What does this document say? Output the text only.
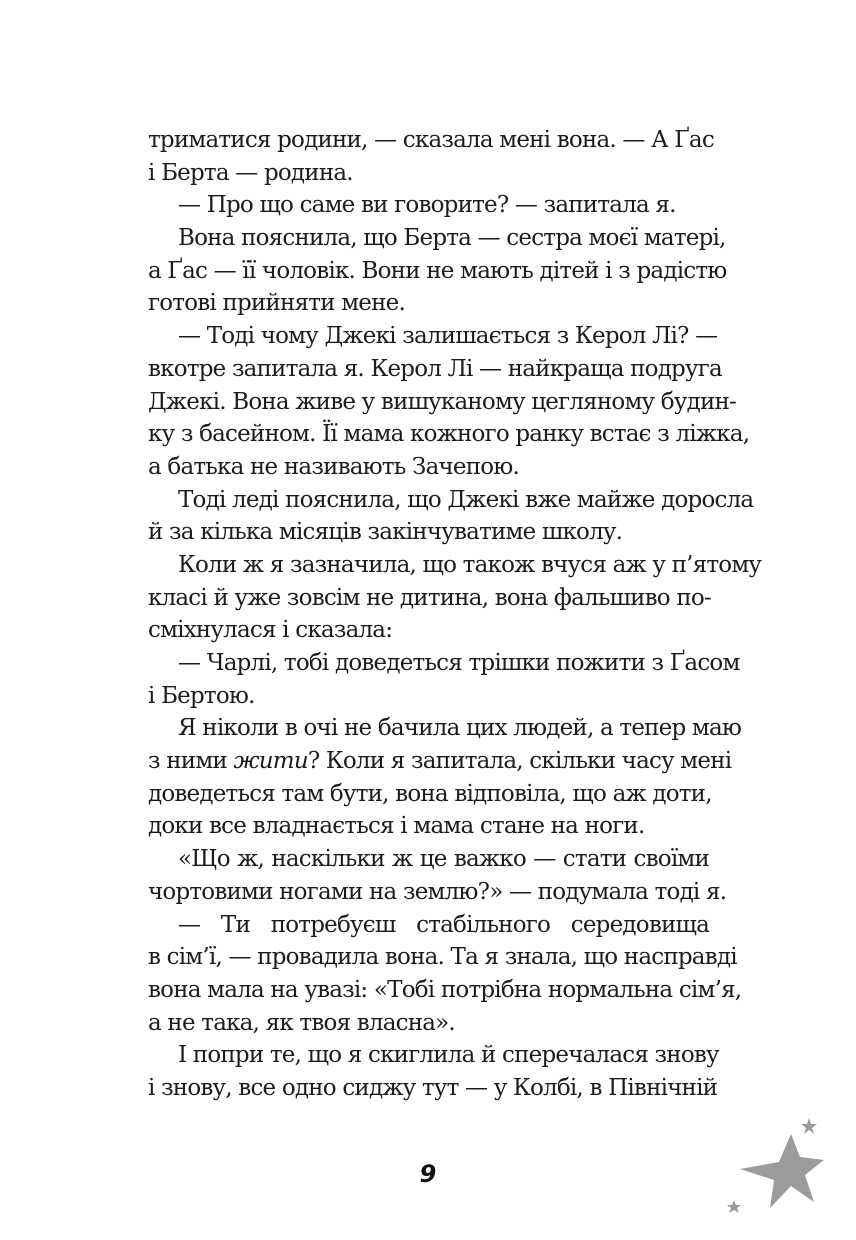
триматися родини, — сказала мені вона. — А Ґас
і Берта — родина.
— Про що саме ви говорите? — запитала я.
Вона пояснила, що Берта — сестра моєї матері,
а Ґас — її чоловік. Вони не мають дітей і з радістю
готові прийняти мене.
— Тоді чому Джекі залишається з Керол Лі? —
вкотре запитала я. Керол Лі — найкраща подруга
Джекі. Вона живе у вишуканому цегляному будин-
ку з басейном. Її мама кожного ранку встає з ліжка,
а батька не називають Зачепою.
Тоді леді пояснила, що Джекі вже майже доросла
й за кілька місяців закінчуватиме школу.
Коли ж я зазначила, що також вчуся аж у п’ятому
класі й уже зовсім не дитина, вона фальшиво по-
сміхнулася і сказала:
— Чарлі, тобі доведеться трішки пожити з Ґасом
і Бертою.
Я ніколи в очі не бачила цих людей, а тепер маю
з ними жити? Коли я запитала, скільки часу мені
доведеться там бути, вона відповіла, що аж доти,
доки все владнається і мама стане на ноги.
«Що ж, наскільки ж це важко — стати своїми
чортовими ногами на землю?» — подумала тоді я.
— Ти потребуєш стабільного середовища
в сім’ї, — провадила вона. Та я знала, що насправді
вона мала на увазі: «Тобі потрібна нормальна сім’я,
а не така, як твоя власна».
І попри те, що я скиглила й сперечалася знову
і знову, все одно сиджу тут — у Колбі, в Північній
9
